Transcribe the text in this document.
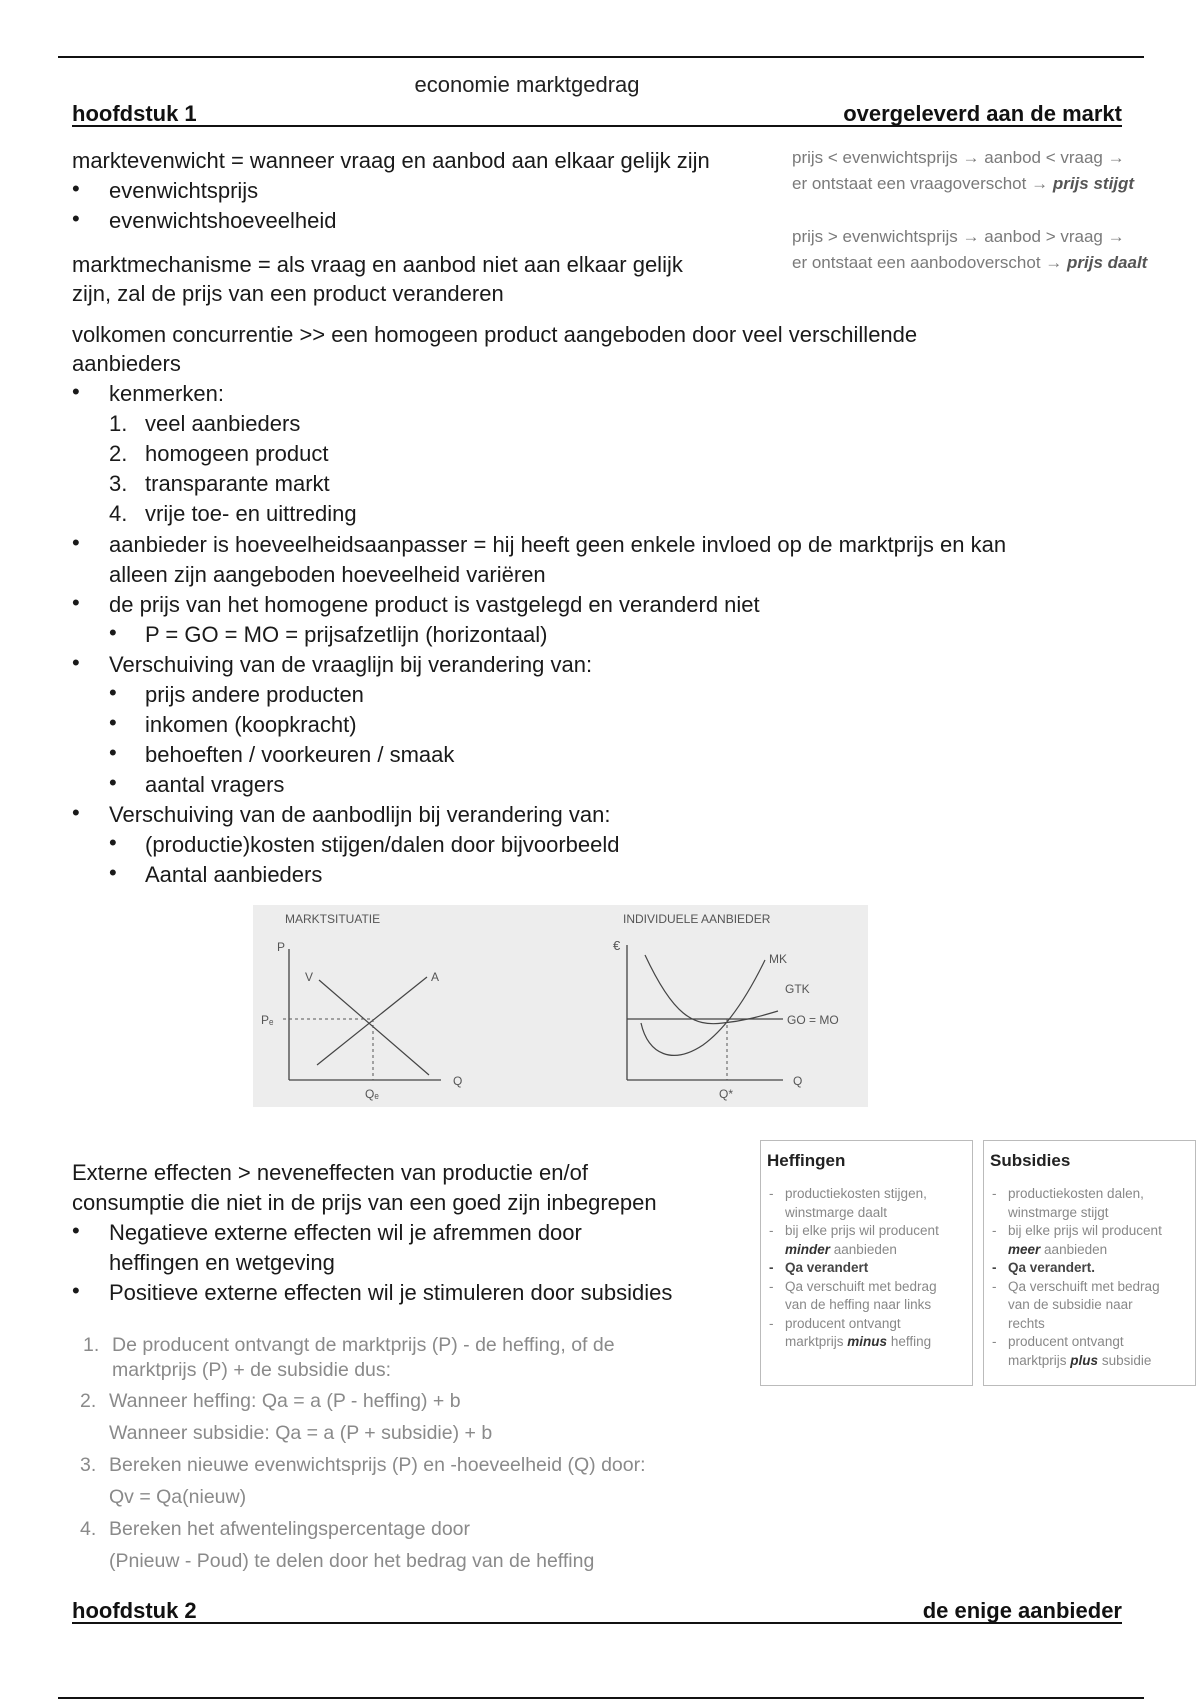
economie marktgedrag
hoofdstuk 1	overgeleverd aan de markt
marktevenwicht = wanneer vraag en aanbod aan elkaar gelijk zijn
• evenwichtsprijs
• evenwichtshoeveelheid
marktmechanisme = als vraag en aanbod niet aan elkaar gelijk
zijn, zal de prijs van een product veranderen
prijs < evenwichtsprijs → aanbod < vraag →
er ontstaat een vraagoverschot → prijs stijgt
prijs > evenwichtsprijs → aanbod > vraag →
er ontstaat een aanbodoverschot → prijs daalt
volkomen concurrentie >> een homogeen product aangeboden door veel verschillende
aanbieders
• kenmerken:
1. veel aanbieders
2. homogeen product
3. transparante markt
4. vrije toe- en uittreding
• aanbieder is hoeveelheidsaanpasser = hij heeft geen enkele invloed op de marktprijs en kan
alleen zijn aangeboden hoeveelheid variëren
• de prijs van het homogene product is vastgelegd en veranderd niet
• P = GO = MO = prijsafzetlijn (horizontaal)
• Verschuiving van de vraaglijn bij verandering van:
• prijs andere producten
• inkomen (koopkracht)
• behoeften / voorkeuren / smaak
• aantal vragers
• Verschuiving van de aanbodlijn bij verandering van:
• (productie)kosten stijgen/dalen door bijvoorbeeld
• Aantal aanbieders
MARKTSITUATIE	INDIVIDUELE AANBIEDER
P
Q
V	A
Pₑ
Qₑ
€
Q
MK
GTK
GO = MO
Q*
Externe effecten > neveneffecten van productie en/of
consumptie die niet in de prijs van een goed zijn inbegrepen
• Negatieve externe effecten wil je afremmen door
heffingen en wetgeving
• Positieve externe effecten wil je stimuleren door subsidies
Heffingen
- productiekosten stijgen,
winstmarge daalt
- bij elke prijs wil producent
minder aanbieden
- Qa verandert
- Qa verschuift met bedrag
van de heffing naar links
- producent ontvangt
marktprijs minus heffing
Subsidies
- productiekosten dalen,
winstmarge stijgt
- bij elke prijs wil producent
meer aanbieden
- Qa verandert.
- Qa verschuift met bedrag
van de subsidie naar
rechts
- producent ontvangt
marktprijs plus subsidie
1. De producent ontvangt de marktprijs (P) - de heffing, of de
marktprijs (P) + de subsidie dus:
2. Wanneer heffing: Qa = a (P - heffing) + b
Wanneer subsidie: Qa = a (P + subsidie) + b
3. Bereken nieuwe evenwichtsprijs (P) en -hoeveelheid (Q) door:
Qv = Qa(nieuw)
4. Bereken het afwentelingspercentage door
(Pnieuw - Poud) te delen door het bedrag van de heffing
hoofdstuk 2	de enige aanbieder
